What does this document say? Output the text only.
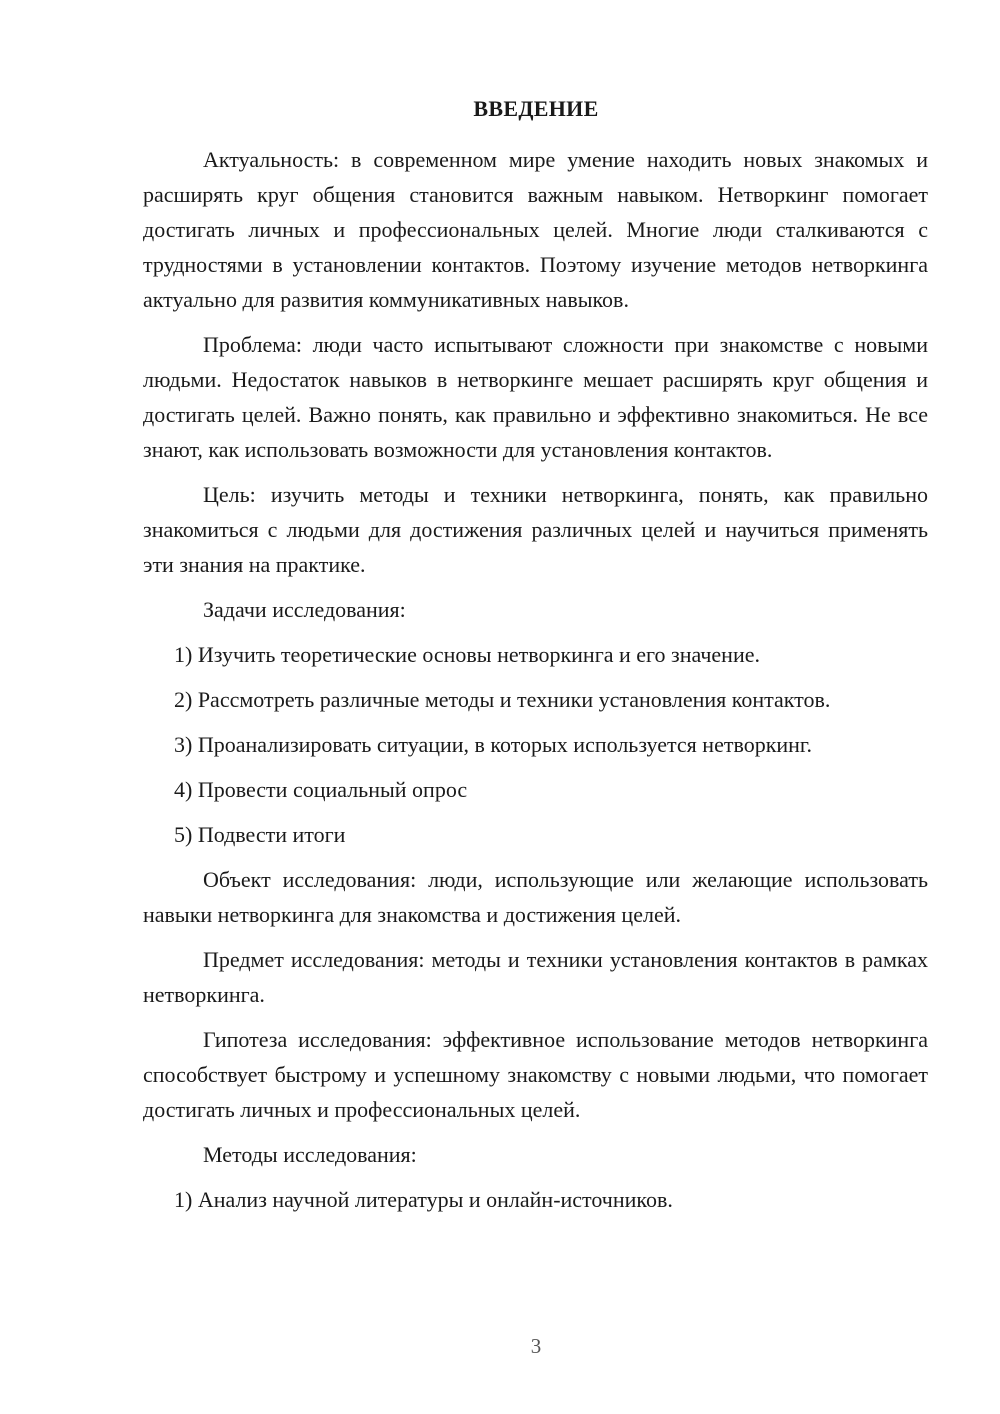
ВВЕДЕНИЕ

Актуальность: в современном мире умение находить новых знакомых и расширять круг общения становится важным навыком. Нетворкинг помогает достигать личных и профессиональных целей. Многие люди сталкиваются с трудностями в установлении контактов. Поэтому изучение методов нетворкинга актуально для развития коммуникативных навыков.

Проблема: люди часто испытывают сложности при знакомстве с новыми людьми. Недостаток навыков в нетворкинге мешает расширять круг общения и достигать целей. Важно понять, как правильно и эффективно знакомиться. Не все знают, как использовать возможности для установления контактов.

Цель: изучить методы и техники нетворкинга, понять, как правильно знакомиться с людьми для достижения различных целей и научиться применять эти знания на практике.

Задачи исследования:

1) Изучить теоретические основы нетворкинга и его значение.

2) Рассмотреть различные методы и техники установления контактов.

3) Проанализировать ситуации, в которых используется нетворкинг.

4) Провести социальный опрос

5) Подвести итоги

Объект исследования: люди, использующие или желающие использовать навыки нетворкинга для знакомства и достижения целей.

Предмет исследования: методы и техники установления контактов в рамках нетворкинга.

Гипотеза исследования: эффективное использование методов нетворкинга способствует быстрому и успешному знакомству с новыми людьми, что помогает достигать личных и профессиональных целей.

Методы исследования:

1) Анализ научной литературы и онлайн-источников.

3
